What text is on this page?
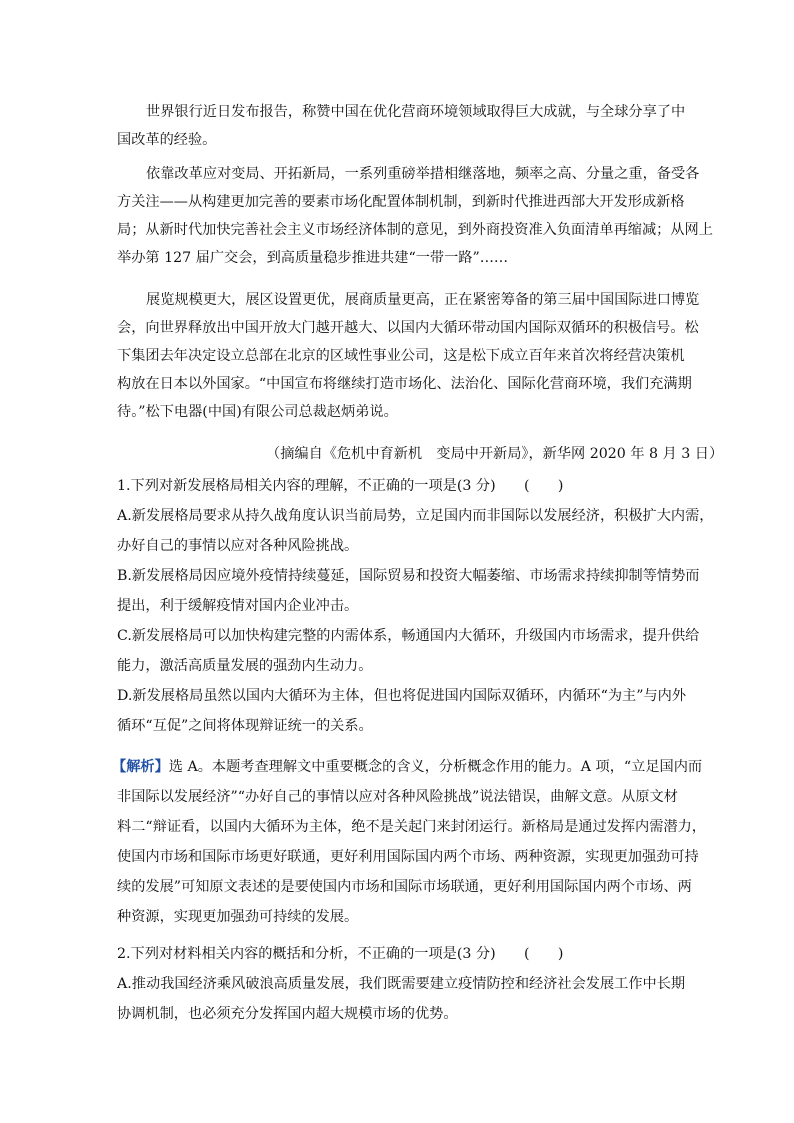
世界银行近日发布报告，称赞中国在优化营商环境领域取得巨大成就，与全球分享了中
国改革的经验。
依靠改革应对变局、开拓新局，一系列重磅举措相继落地，频率之高、分量之重，备受各
方关注——从构建更加完善的要素市场化配置体制机制，到新时代推进西部大开发形成新格
局；从新时代加快完善社会主义市场经济体制的意见，到外商投资准入负面清单再缩减；从网上
举办第 127 届广交会，到高质量稳步推进共建“一带一路”……
展览规模更大，展区设置更优，展商质量更高，正在紧密筹备的第三届中国国际进口博览
会，向世界释放出中国开放大门越开越大、以国内大循环带动国内国际双循环的积极信号。松
下集团去年决定设立总部在北京的区域性事业公司，这是松下成立百年来首次将经营决策机
构放在日本以外国家。“中国宣布将继续打造市场化、法治化、国际化营商环境，我们充满期
待。”松下电器(中国)有限公司总裁赵炳弟说。
（摘编自《危机中育新机　变局中开新局》，新华网 2020 年 8 月 3 日）
1.下列对新发展格局相关内容的理解，不正确的一项是(3 分)　　(　　)
A.新发展格局要求从持久战角度认识当前局势，立足国内而非国际以发展经济，积极扩大内需，
办好自己的事情以应对各种风险挑战。
B.新发展格局因应境外疫情持续蔓延，国际贸易和投资大幅萎缩、市场需求持续抑制等情势而
提出，利于缓解疫情对国内企业冲击。
C.新发展格局可以加快构建完整的内需体系，畅通国内大循环，升级国内市场需求，提升供给
能力，激活高质量发展的强劲内生动力。
D.新发展格局虽然以国内大循环为主体，但也将促进国内国际双循环，内循环“为主”与内外
循环“互促”之间将体现辩证统一的关系。
【解析】选 A。本题考查理解文中重要概念的含义，分析概念作用的能力。A 项，“立足国内而
非国际以发展经济”“办好自己的事情以应对各种风险挑战”说法错误，曲解文意。从原文材
料二“辩证看，以国内大循环为主体，绝不是关起门来封闭运行。新格局是通过发挥内需潜力，
使国内市场和国际市场更好联通，更好利用国际国内两个市场、两种资源，实现更加强劲可持
续的发展”可知原文表述的是要使国内市场和国际市场联通，更好利用国际国内两个市场、两
种资源，实现更加强劲可持续的发展。
2.下列对材料相关内容的概括和分析，不正确的一项是(3 分)　　(　　)
A.推动我国经济乘风破浪高质量发展，我们既需要建立疫情防控和经济社会发展工作中长期
协调机制，也必须充分发挥国内超大规模市场的优势。
